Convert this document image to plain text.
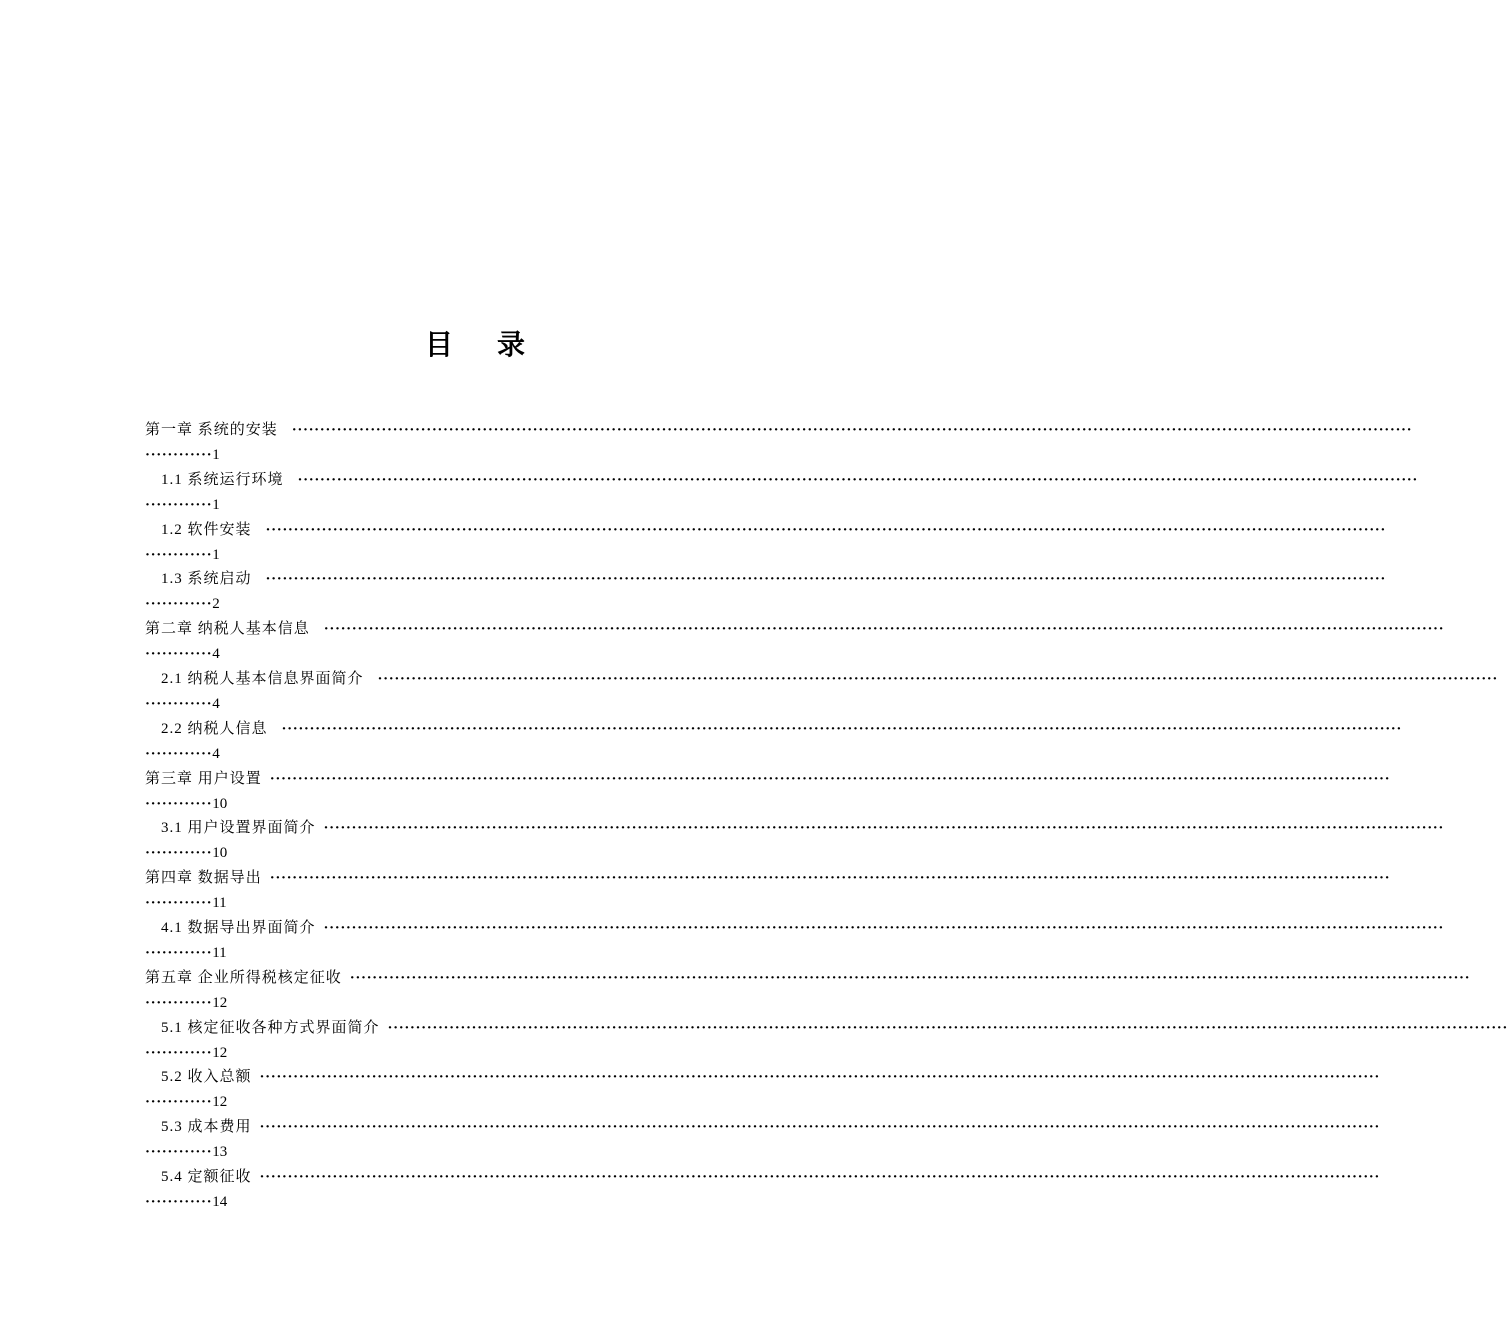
目 录
第一章 系统的安装 ········································································································································································································
············1
1.1 系统运行环境 ········································································································································································································
············1
1.2 软件安装 ········································································································································································································
············1
1.3 系统启动 ········································································································································································································
············2
第二章 纳税人基本信息 ········································································································································································································
············4
2.1 纳税人基本信息界面简介 ········································································································································································································
············4
2.2 纳税人信息 ········································································································································································································
············4
第三章 用户设置 ········································································································································································································
············10
3.1 用户设置界面简介 ········································································································································································································
············10
第四章 数据导出 ········································································································································································································
············11
4.1 数据导出界面简介 ········································································································································································································
············11
第五章 企业所得税核定征收 ········································································································································································································
············12
5.1 核定征收各种方式界面简介 ········································································································································································································
············12
5.2 收入总额 ········································································································································································································
············12
5.3 成本费用 ········································································································································································································
············13
5.4 定额征收 ········································································································································································································
············14
